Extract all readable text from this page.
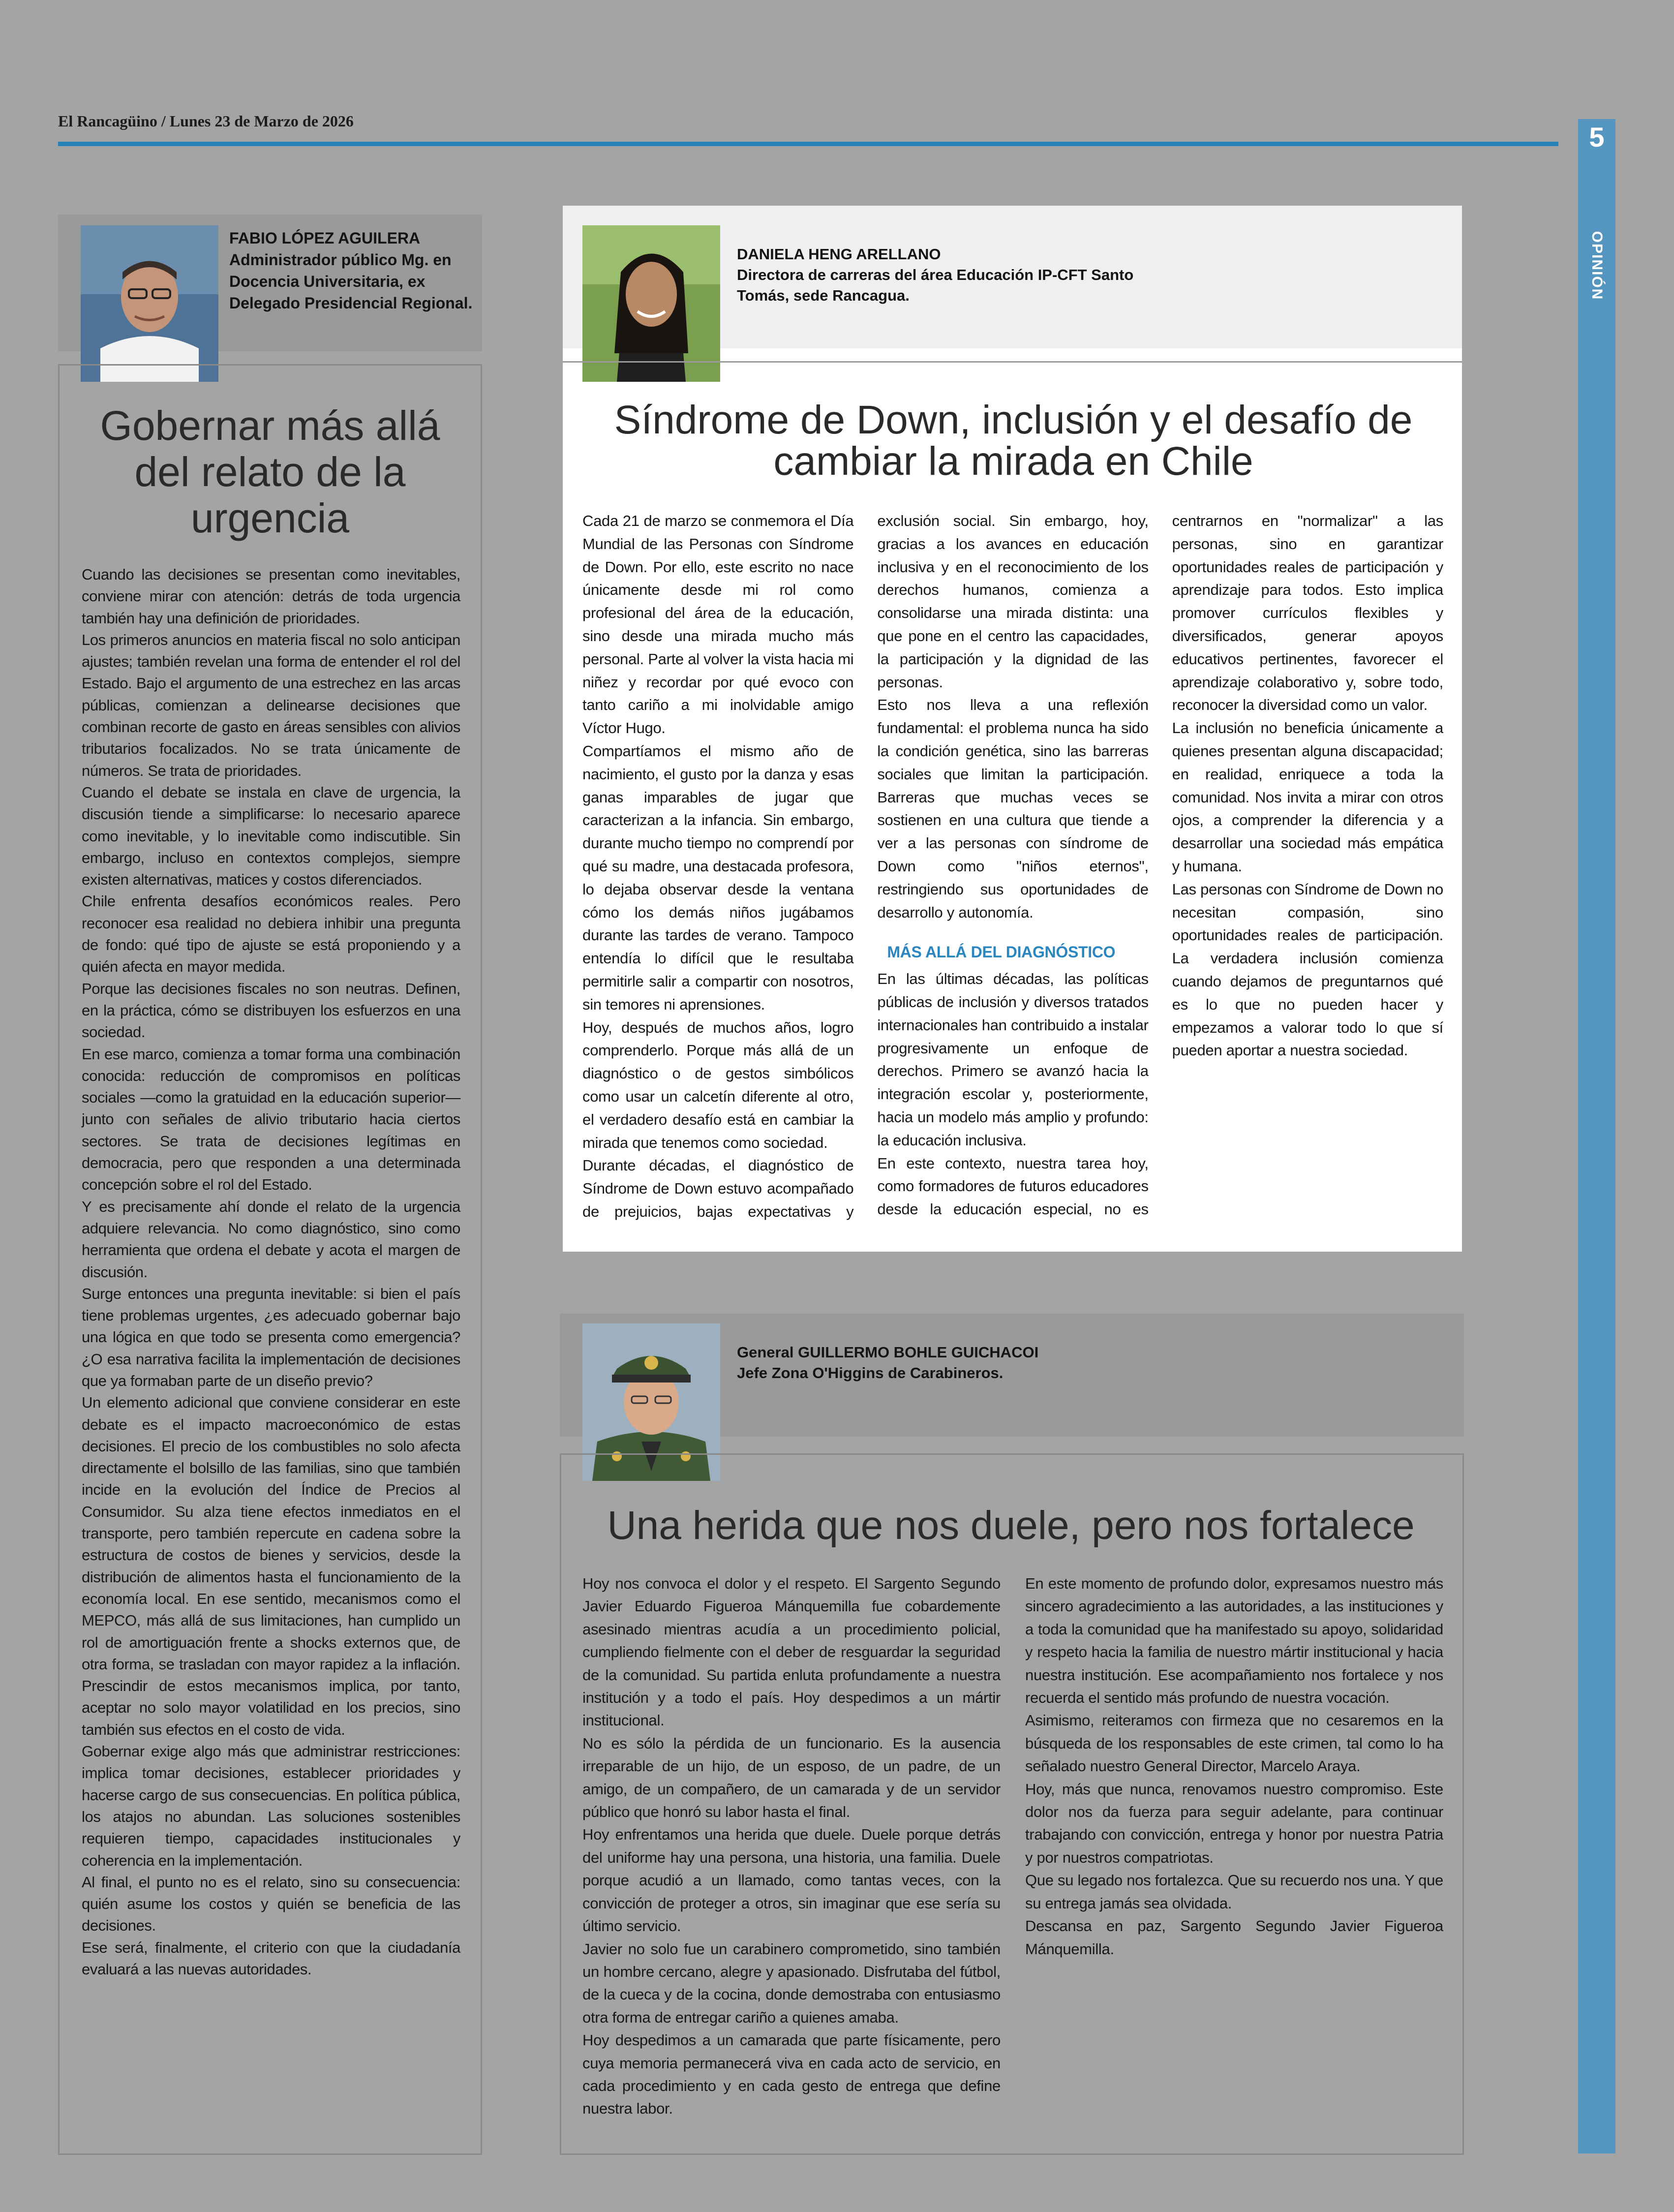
El Rancagüino / Lunes 23 de Marzo de 2026
5
OPINIÓN
FABIO LÓPEZ AGUILERA
Administrador público Mg. en Docencia Universitaria, ex Delegado Presidencial Regional.
Gobernar más allá del relato de la urgencia

Cuando las decisiones se presentan como inevitables, conviene mirar con atención: detrás de toda urgencia también hay una definición de prioridades.

Los primeros anuncios en materia fiscal no solo anticipan ajustes; también revelan una forma de entender el rol del Estado. Bajo el argumento de una estrechez en las arcas públicas, comienzan a delinearse decisiones que combinan recorte de gasto en áreas sensibles con alivios tributarios focalizados. No se trata únicamente de números. Se trata de prioridades.

Cuando el debate se instala en clave de urgencia, la discusión tiende a simplificarse: lo necesario aparece como inevitable, y lo inevitable como indiscutible. Sin embargo, incluso en contextos complejos, siempre existen alternativas, matices y costos diferenciados.

Chile enfrenta desafíos económicos reales. Pero reconocer esa realidad no debiera inhibir una pregunta de fondo: qué tipo de ajuste se está proponiendo y a quién afecta en mayor medida.

Porque las decisiones fiscales no son neutras. Definen, en la práctica, cómo se distribuyen los esfuerzos en una sociedad.

En ese marco, comienza a tomar forma una combinación conocida: reducción de compromisos en políticas sociales —como la gratuidad en la educación superior— junto con señales de alivio tributario hacia ciertos sectores. Se trata de decisiones legítimas en democracia, pero que responden a una determinada concepción sobre el rol del Estado.

Y es precisamente ahí donde el relato de la urgencia adquiere relevancia. No como diagnóstico, sino como herramienta que ordena el debate y acota el margen de discusión.

Surge entonces una pregunta inevitable: si bien el país tiene problemas urgentes, ¿es adecuado gobernar bajo una lógica en que todo se presenta como emergencia? ¿O esa narrativa facilita la implementación de decisiones que ya formaban parte de un diseño previo?

Un elemento adicional que conviene considerar en este debate es el impacto macroeconómico de estas decisiones. El precio de los combustibles no solo afecta directamente el bolsillo de las familias, sino que también incide en la evolución del Índice de Precios al Consumidor. Su alza tiene efectos inmediatos en el transporte, pero también repercute en cadena sobre la estructura de costos de bienes y servicios, desde la distribución de alimentos hasta el funcionamiento de la economía local. En ese sentido, mecanismos como el MEPCO, más allá de sus limitaciones, han cumplido un rol de amortiguación frente a shocks externos que, de otra forma, se trasladan con mayor rapidez a la inflación. Prescindir de estos mecanismos implica, por tanto, aceptar no solo mayor volatilidad en los precios, sino también sus efectos en el costo de vida.

Gobernar exige algo más que administrar restricciones: implica tomar decisiones, establecer prioridades y hacerse cargo de sus consecuencias. En política pública, los atajos no abundan. Las soluciones sostenibles requieren tiempo, capacidades institucionales y coherencia en la implementación.

Al final, el punto no es el relato, sino su consecuencia: quién asume los costos y quién se beneficia de las decisiones.

Ese será, finalmente, el criterio con que la ciudadanía evaluará a las nuevas autoridades.

DANIELA HENG ARELLANO
Directora de carreras del área Educación IP-CFT Santo Tomás, sede Rancagua.
Síndrome de Down, inclusión y el desafío de cambiar la mirada en Chile

Cada 21 de marzo se conmemora el Día Mundial de las Personas con Síndrome de Down. Por ello, este escrito no nace únicamente desde mi rol como profesional del área de la educación, sino desde una mirada mucho más personal. Parte al volver la vista hacia mi niñez y recordar por qué evoco con tanto cariño a mi inolvidable amigo Víctor Hugo.

Compartíamos el mismo año de nacimiento, el gusto por la danza y esas ganas imparables de jugar que caracterizan a la infancia. Sin embargo, durante mucho tiempo no comprendí por qué su madre, una destacada profesora, lo dejaba observar desde la ventana cómo los demás niños jugábamos durante las tardes de verano. Tampoco entendía lo difícil que le resultaba permitirle salir a compartir con nosotros, sin temores ni aprensiones.

Hoy, después de muchos años, logro comprenderlo. Porque más allá de un diagnóstico o de gestos simbólicos como usar un calcetín diferente al otro, el verdadero desafío está en cambiar la mirada que tenemos como sociedad.

Durante décadas, el diagnóstico de Síndrome de Down estuvo acompañado de prejuicios, bajas expectativas y exclusión social. Sin embargo, hoy, gracias a los avances en educación inclusiva y en el reconocimiento de los derechos humanos, comienza a consolidarse una mirada distinta: una que pone en el centro las capacidades, la participación y la dignidad de las personas.

Esto nos lleva a una reflexión fundamental: el problema nunca ha sido la condición genética, sino las barreras sociales que limitan la participación. Barreras que muchas veces se sostienen en una cultura que tiende a ver a las personas con síndrome de Down como "niños eternos", restringiendo sus oportunidades de desarrollo y autonomía.

MÁS ALLÁ DEL DIAGNÓSTICO

En las últimas décadas, las políticas públicas de inclusión y diversos tratados internacionales han contribuido a instalar progresivamente un enfoque de derechos. Primero se avanzó hacia la integración escolar y, posteriormente, hacia un modelo más amplio y profundo: la educación inclusiva.

En este contexto, nuestra tarea hoy, como formadores de futuros educadores desde la educación especial, no es centrarnos en "normalizar" a las personas, sino en garantizar oportunidades reales de participación y aprendizaje para todos. Esto implica promover currículos flexibles y diversificados, generar apoyos educativos pertinentes, favorecer el aprendizaje colaborativo y, sobre todo, reconocer la diversidad como un valor.

La inclusión no beneficia únicamente a quienes presentan alguna discapacidad; en realidad, enriquece a toda la comunidad. Nos invita a mirar con otros ojos, a comprender la diferencia y a desarrollar una sociedad más empática y humana.

Las personas con Síndrome de Down no necesitan compasión, sino oportunidades reales de participación. La verdadera inclusión comienza cuando dejamos de preguntarnos qué es lo que no pueden hacer y empezamos a valorar todo lo que sí pueden aportar a nuestra sociedad.

General GUILLERMO BOHLE GUICHACOI
Jefe Zona O'Higgins de Carabineros.
Una herida que nos duele, pero nos fortalece

Hoy nos convoca el dolor y el respeto. El Sargento Segundo Javier Eduardo Figueroa Mánquemilla fue cobardemente asesinado mientras acudía a un procedimiento policial, cumpliendo fielmente con el deber de resguardar la seguridad de la comunidad. Su partida enluta profundamente a nuestra institución y a todo el país. Hoy despedimos a un mártir institucional.

No es sólo la pérdida de un funcionario. Es la ausencia irreparable de un hijo, de un esposo, de un padre, de un amigo, de un compañero, de un camarada y de un servidor público que honró su labor hasta el final.

Hoy enfrentamos una herida que duele. Duele porque detrás del uniforme hay una persona, una historia, una familia. Duele porque acudió a un llamado, como tantas veces, con la convicción de proteger a otros, sin imaginar que ese sería su último servicio.

Javier no solo fue un carabinero comprometido, sino también un hombre cercano, alegre y apasionado. Disfrutaba del fútbol, de la cueca y de la cocina, donde demostraba con entusiasmo otra forma de entregar cariño a quienes amaba.

Hoy despedimos a un camarada que parte físicamente, pero cuya memoria permanecerá viva en cada acto de servicio, en cada procedimiento y en cada gesto de entrega que define nuestra labor.

En este momento de profundo dolor, expresamos nuestro más sincero agradecimiento a las autoridades, a las instituciones y a toda la comunidad que ha manifestado su apoyo, solidaridad y respeto hacia la familia de nuestro mártir institucional y hacia nuestra institución. Ese acompañamiento nos fortalece y nos recuerda el sentido más profundo de nuestra vocación.

Asimismo, reiteramos con firmeza que no cesaremos en la búsqueda de los responsables de este crimen, tal como lo ha señalado nuestro General Director, Marcelo Araya.

Hoy, más que nunca, renovamos nuestro compromiso. Este dolor nos da fuerza para seguir adelante, para continuar trabajando con convicción, entrega y honor por nuestra Patria y por nuestros compatriotas.

Que su legado nos fortalezca. Que su recuerdo nos una. Y que su entrega jamás sea olvidada.

Descansa en paz, Sargento Segundo Javier Figueroa Mánquemilla.
